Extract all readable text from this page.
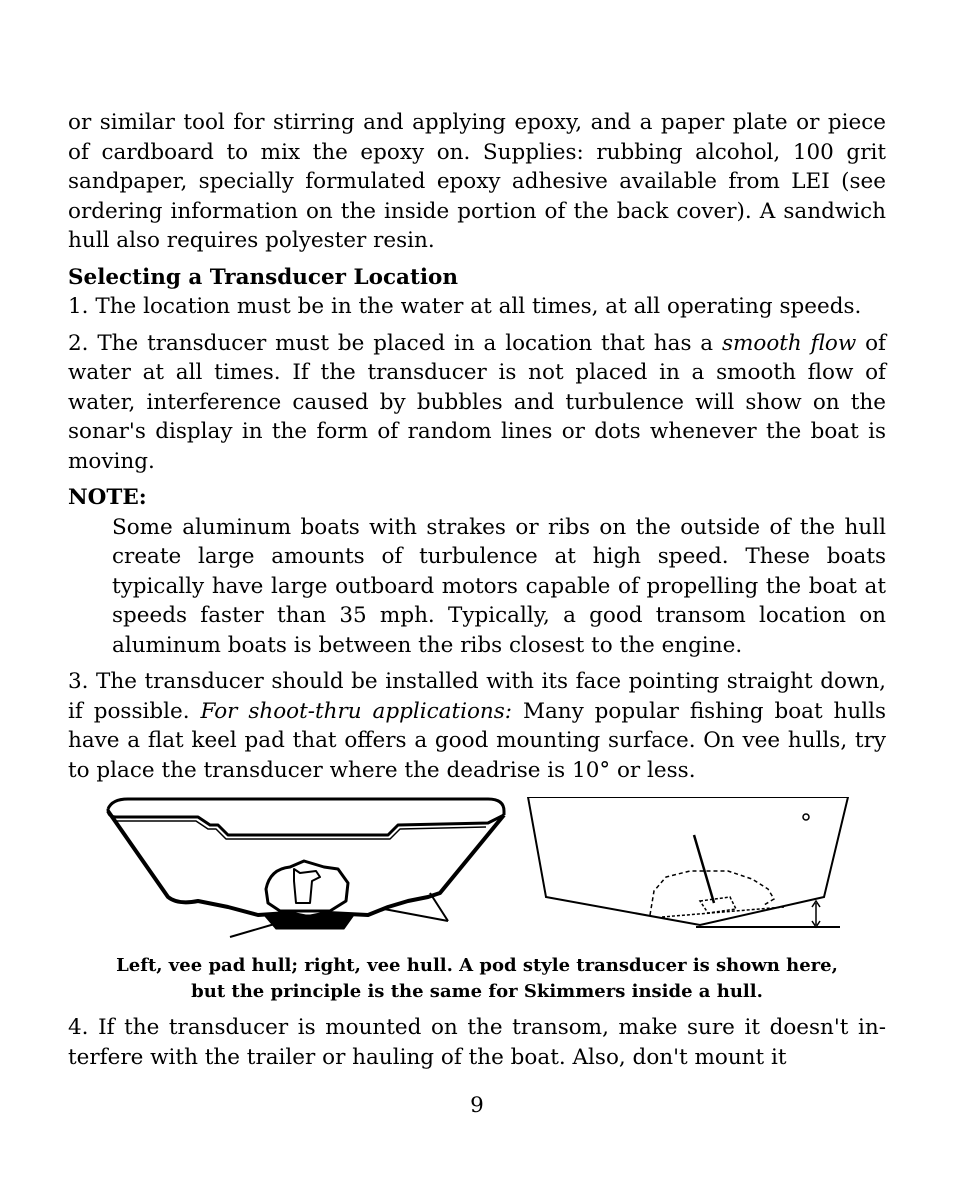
or similar tool for stirring and applying epoxy, and a paper plate or piece of cardboard to mix the epoxy on. Supplies: rubbing alcohol, 100 grit sandpaper, specially formulated epoxy adhesive available from LEI (see ordering information on the inside portion of the back cover). A sandwich hull also requires polyester resin.

Selecting a Transducer Location

1. The location must be in the water at all times, at all operating speeds.

2. The transducer must be placed in a location that has a smooth flow of water at all times. If the transducer is not placed in a smooth flow of water, interference caused by bubbles and turbulence will show on the sonar's display in the form of random lines or dots whenever the boat is moving.

NOTE:

Some aluminum boats with strakes or ribs on the outside of the hull create large amounts of turbulence at high speed. These boats typically have large outboard motors capable of propelling the boat at speeds faster than 35 mph. Typically, a good transom location on aluminum boats is between the ribs closest to the engine.

3. The transducer should be installed with its face pointing straight down, if possible. For shoot-thru applications: Many popular fishing boat hulls have a flat keel pad that offers a good mounting surface. On vee hulls, try to place the transducer where the deadrise is 10° or less.

Left, vee pad hull; right, vee hull. A pod style transducer is shown here,
but the principle is the same for Skimmers inside a hull.

4. If the transducer is mounted on the transom, make sure it doesn't in-terfere with the trailer or hauling of the boat. Also, don't mount it

9
